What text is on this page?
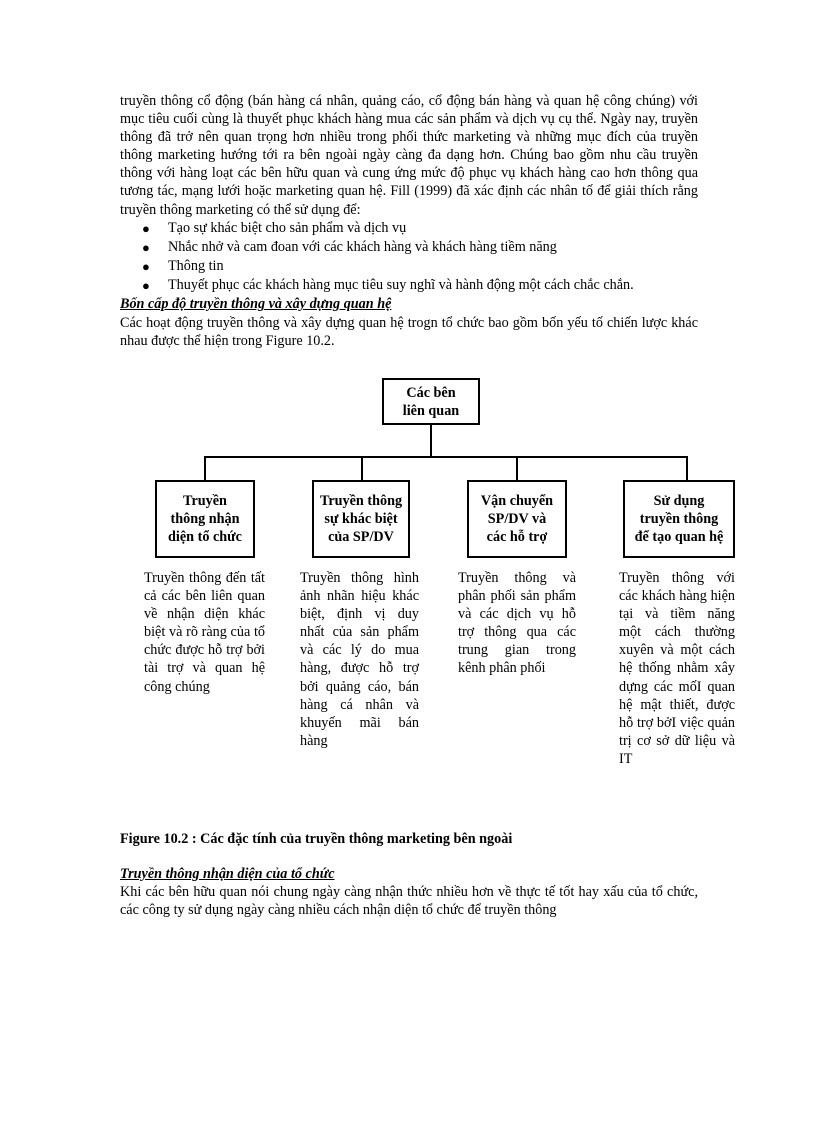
truyền thông cổ động (bán hàng cá nhân, quảng cáo, cổ động bán hàng và quan hệ công chúng) với mục tiêu cuối cùng là thuyết phục khách hàng mua các sản phẩm và dịch vụ cụ thể. Ngày nay, truyền thông đã trở nên quan trọng hơn nhiều trong phối thức marketing và những mục đích của truyền thông marketing hướng tới ra bên ngoài ngày càng đa dạng hơn. Chúng bao gồm nhu cầu truyền thông với hàng loạt các bên hữu quan và cung ứng mức độ phục vụ khách hàng cao hơn thông qua tương tác, mạng lưới hoặc marketing quan hệ. Fill (1999) đã xác định các nhân tố để giải thích rằng truyền thông marketing có thể sử dụng để:

● Tạo sự khác biệt cho sản phẩm và dịch vụ
● Nhắc nhở và cam đoan với các khách hàng và khách hàng tiềm năng
● Thông tin
● Thuyết phục các khách hàng mục tiêu suy nghĩ và hành động một cách chắc chắn.

Bốn cấp độ truyền thông và xây dựng quan hệ

Các hoạt động truyền thông và xây dựng quan hệ trogn tổ chức bao gồm bốn yếu tố chiến lược khác nhau được thể hiện trong Figure 10.2.

Các bên liên quan
Truyền thông nhận diện tổ chức
Truyền thông sự khác biệt của SP/DV
Vận chuyển SP/DV và các hỗ trợ
Sử dụng truyền thông để tạo quan hệ
Truyền thông đến tất cả các bên liên quan về nhận diện khác biệt và rõ ràng của tổ chức được hỗ trợ bởi tài trợ và quan hệ công chúng
Truyền thông hình ảnh nhãn hiệu khác biệt, định vị duy nhất của sản phẩm và các lý do mua hàng, được hỗ trợ bởi quảng cáo, bán hàng cá nhân và khuyến mãi bán hàng
Truyền thông và phân phối sản phẩm và các dịch vụ hỗ trợ thông qua các trung gian trong kênh phân phối
Truyền thông với các khách hàng hiện tại và tiềm năng một cách thường xuyên và một cách hệ thống nhằm xây dựng các mốI quan hệ mật thiết, được hỗ trợ bởI việc quản trị cơ sở dữ liệu và IT
Figure 10.2 : Các đặc tính của truyền thông marketing bên ngoài

Truyền thông nhận diện của tổ chức

Khi các bên hữu quan nói chung ngày càng nhận thức nhiều hơn về thực tế tốt hay xấu của tổ chức, các công ty sử dụng ngày càng nhiều cách nhận diện tổ chức để truyền thông
